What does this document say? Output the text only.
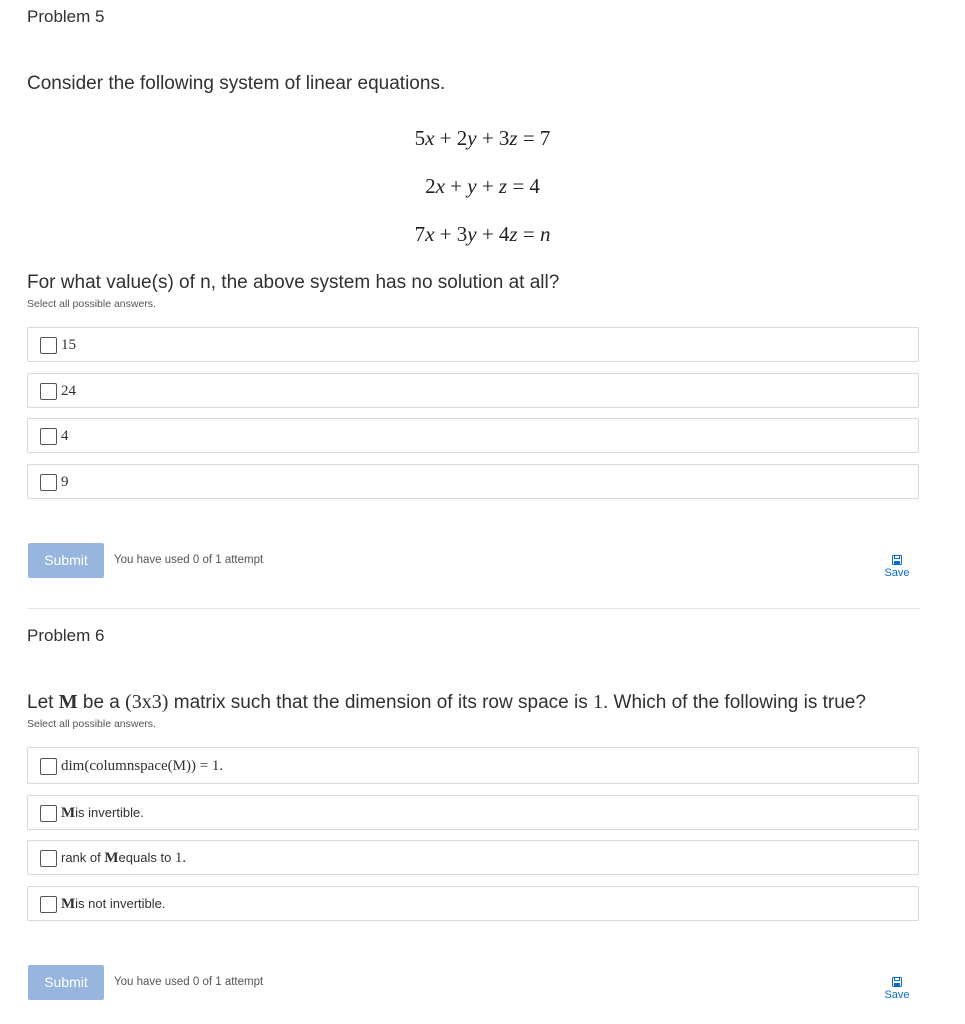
Problem 5
Consider the following system of linear equations.
5x + 2y + 3z = 7
2x + y + z = 4
7x + 3y + 4z = n
For what value(s) of n, the above system has no solution at all?
Select all possible answers.
15
24
4
9
Submit	You have used 0 of 1 attempt
Save
Problem 6
Let M be a (3x3) matrix such that the dimension of its row space is 1. Which of the following is true?
Select all possible answers.
dim(columnspace(M)) = 1.
Mis invertible.
rank of Mequals to 1.
Mis not invertible.
Submit	You have used 0 of 1 attempt
Save
